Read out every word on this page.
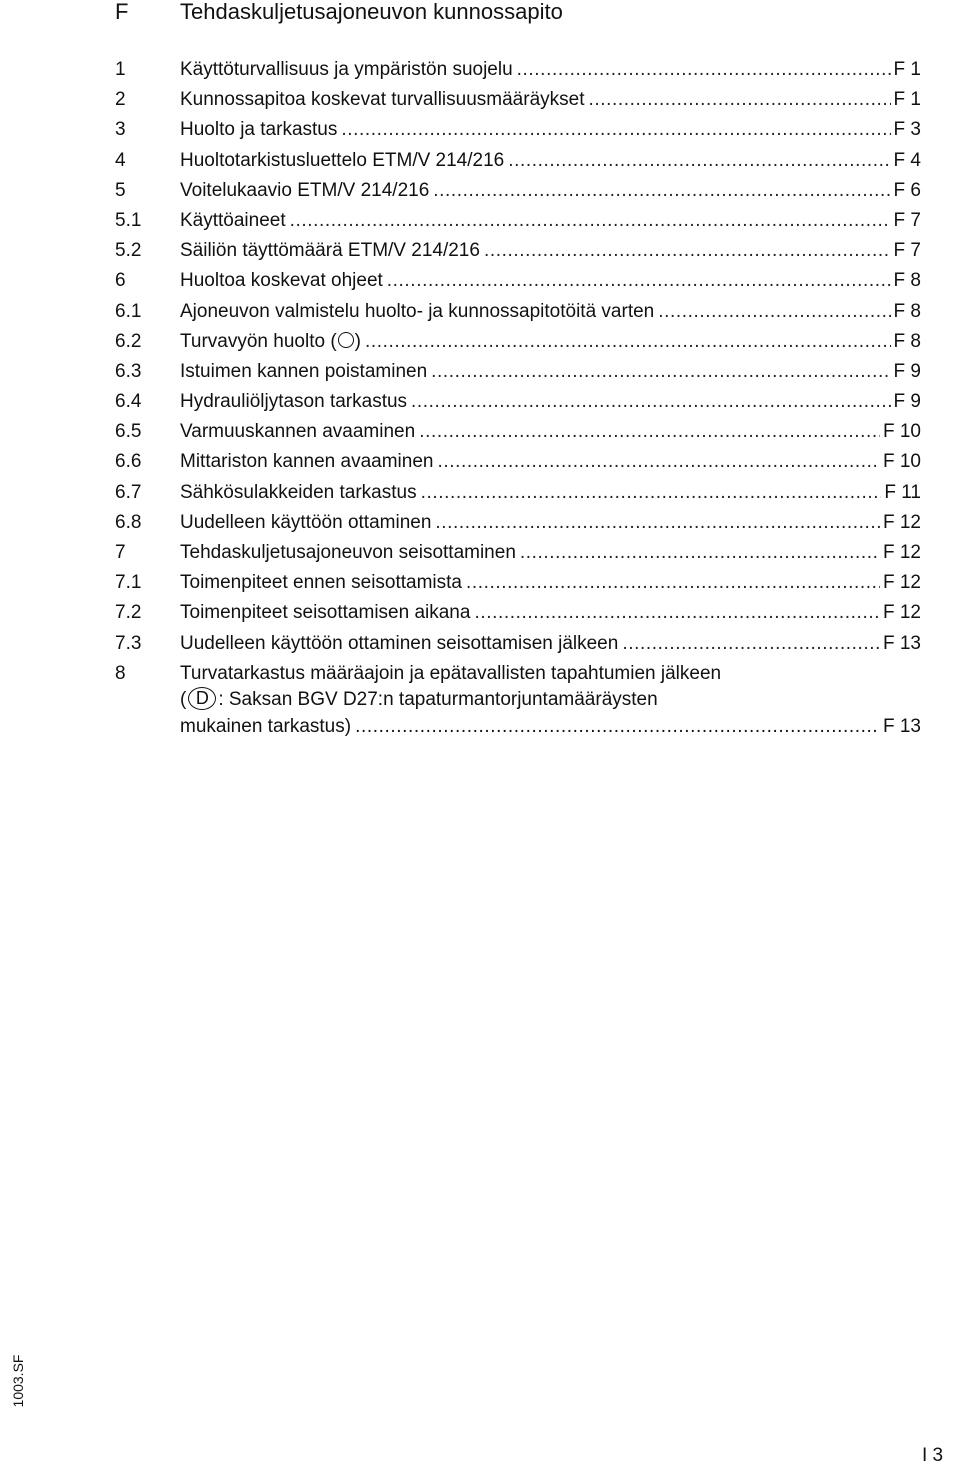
F Tehdaskuljetusajoneuvon kunnossapito
1	Käyttöturvallisuus ja ympäristön suojelu .....	F 1
2	Kunnossapitoa koskevat turvallisuusmääräykset .....	F 1
3	Huolto ja tarkastus .....	F 3
4	Huoltotarkistusluettelo ETM/V 214/216 .....	F 4
5	Voitelukaavio ETM/V 214/216 .....	F 6
5.1 Käyttöaineet .....	F 7
5.2 Säiliön täyttömäärä ETM/V 214/216 .....	F 7
6	Huoltoa koskevat ohjeet .....	F 8
6.1 Ajoneuvon valmistelu huolto- ja kunnossapitotöitä varten .....	F 8
6.2 Turvavyön huolto ( ) .....	F 8
6.3 Istuimen kannen poistaminen .....	F 9
6.4 Hydrauliöljytason tarkastus .....	F 9
6.5 Varmuuskannen avaaminen .....	F 10
6.6 Mittariston kannen avaaminen .....	F 10
6.7 Sähkösulakkeiden tarkastus .....	F 11
6.8 Uudelleen käyttöön ottaminen .....	F 12
7	Tehdaskuljetusajoneuvon seisottaminen .....	F 12
7.1 Toimenpiteet ennen seisottamista .....	F 12
7.2 Toimenpiteet seisottamisen aikana .....	F 12
7.3 Uudelleen käyttöön ottaminen seisottamisen jälkeen .....	F 13
8	Turvatarkastus määräajoin ja epätavallisten tapahtumien jälkeen
( D : Saksan BGV D27:n tapaturmantorjuntamääräysten
mukainen tarkastus) .....	F 13
1003.SF
I 3
